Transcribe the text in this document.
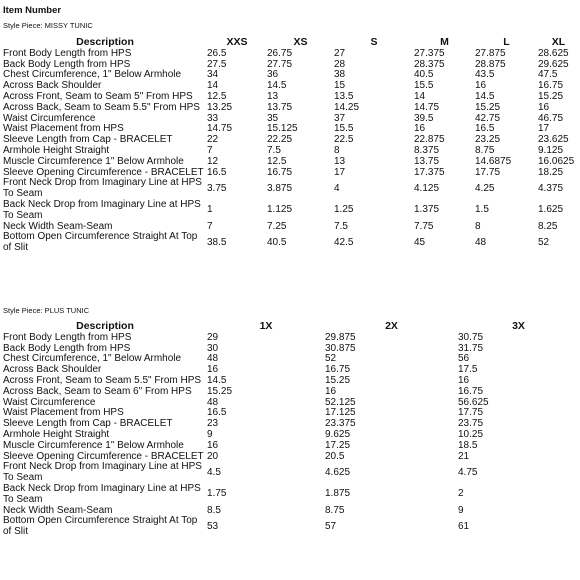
Item Number
Style Piece: MISSY TUNIC
Description	XXS	XS	S	M	L	XL
Front Body Length from HPS	26.5	26.75	27	27.375	27.875	28.625
Back Body Length from HPS	27.5	27.75	28	28.375	28.875	29.625
Chest Circumference, 1" Below Armhole	34	36	38	40.5	43.5	47.5
Across Back Shoulder	14	14.5	15	15.5	16	16.75
Across Front, Seam to Seam 5" From HPS	12.5	13	13.5	14	14.5	15.25
Across Back, Seam to Seam 5.5" From HPS	13.25	13.75	14.25	14.75	15.25	16
Waist Circumference	33	35	37	39.5	42.75	46.75
Waist Placement from HPS	14.75	15.125	15.5	16	16.5	17
Sleeve Length from Cap - BRACELET	22	22.25	22.5	22.875	23.25	23.625
Armhole Height Straight	7	7.5	8	8.375	8.75	9.125
Muscle Circumference 1" Below Armhole	12	12.5	13	13.75	14.6875	16.0625
Sleeve Opening Circumference - BRACELET	16.5	16.75	17	17.375	17.75	18.25
Front Neck Drop from Imaginary Line at HPS To Seam	3.75	3.875	4	4.125	4.25	4.375
Back Neck Drop from Imaginary Line at HPS To Seam	1	1.125	1.25	1.375	1.5	1.625
Neck Width Seam-Seam	7	7.25	7.5	7.75	8	8.25
Bottom Open Circumference Straight At Top of Slit	38.5	40.5	42.5	45	48	52
Style Piece: PLUS TUNIC
Description	1X	2X	3X
Front Body Length from HPS	29	29.875	30.75
Back Body Length from HPS	30	30.875	31.75
Chest Circumference, 1" Below Armhole	48	52	56
Across Back Shoulder	16	16.75	17.5
Across Front, Seam to Seam 5.5" From HPS	14.5	15.25	16
Across Back, Seam to Seam 6" From HPS	15.25	16	16.75
Waist Circumference	48	52.125	56.625
Waist Placement from HPS	16.5	17.125	17.75
Sleeve Length from Cap - BRACELET	23	23.375	23.75
Armhole Height Straight	9	9.625	10.25
Muscle Circumference 1" Below Armhole	16	17.25	18.5
Sleeve Opening Circumference - BRACELET	20	20.5	21
Front Neck Drop from Imaginary Line at HPS To Seam	4.5	4.625	4.75
Back Neck Drop from Imaginary Line at HPS To Seam	1.75	1.875	2
Neck Width Seam-Seam	8.5	8.75	9
Bottom Open Circumference Straight At Top of Slit	53	57	61
